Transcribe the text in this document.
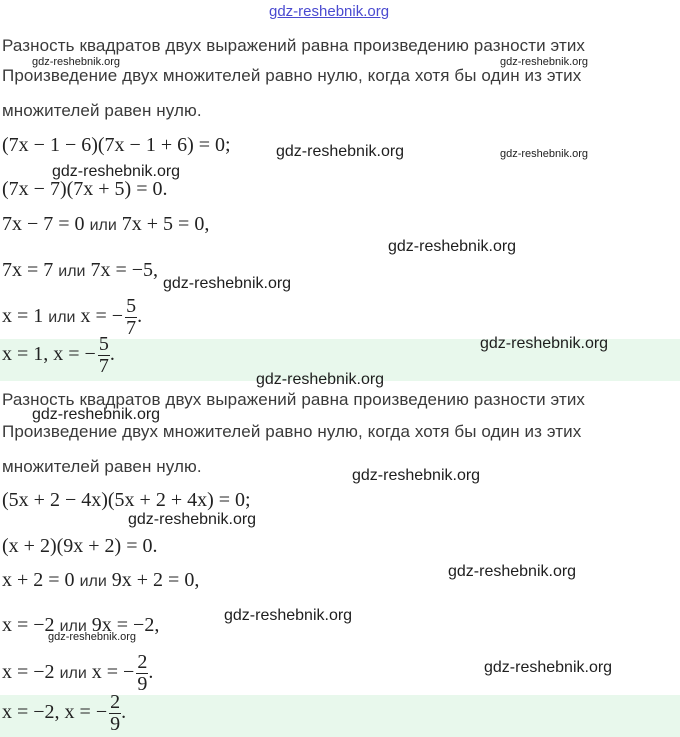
Разность квадратов двух выражений равна произведению разности этих
Произведение двух множителей равно нулю, когда хотя бы один из этих
множителей равен нулю.
(7x − 1 − 6)(7x − 1 + 6) = 0;
(7x − 7)(7x + 5) = 0.
7x − 7 = 0 или 7x + 5 = 0,
7x = 7 или 7x = −5,
x = 1 или x = − $\frac{5}{7}$ .
x = 1, x = − $\frac{5}{7}$ .
Разность квадратов двух выражений равна произведению разности этих
Произведение двух множителей равно нулю, когда хотя бы один из этих
множителей равен нулю.
(5x + 2 − 4x)(5x + 2 + 4x) = 0;
(x + 2)(9x + 2) = 0.
x + 2 = 0 или 9x + 2 = 0,
x = −2 или 9x = −2,
x = −2 или x = − $\frac{2}{9}$ .
x = −2, x = − $\frac{2}{9}$ .
gdz-reshebnik.org
gdz-reshebnik.org	gdz-reshebnik.org
gdz-reshebnik.org	gdz-reshebnik.org
gdz-reshebnik.org
gdz-reshebnik.org
gdz-reshebnik.org
gdz-reshebnik.org
gdz-reshebnik.org
gdz-reshebnik.org
gdz-reshebnik.org
gdz-reshebnik.org
gdz-reshebnik.org
gdz-reshebnik.org
gdz-reshebnik.org
gdz-reshebnik.org
